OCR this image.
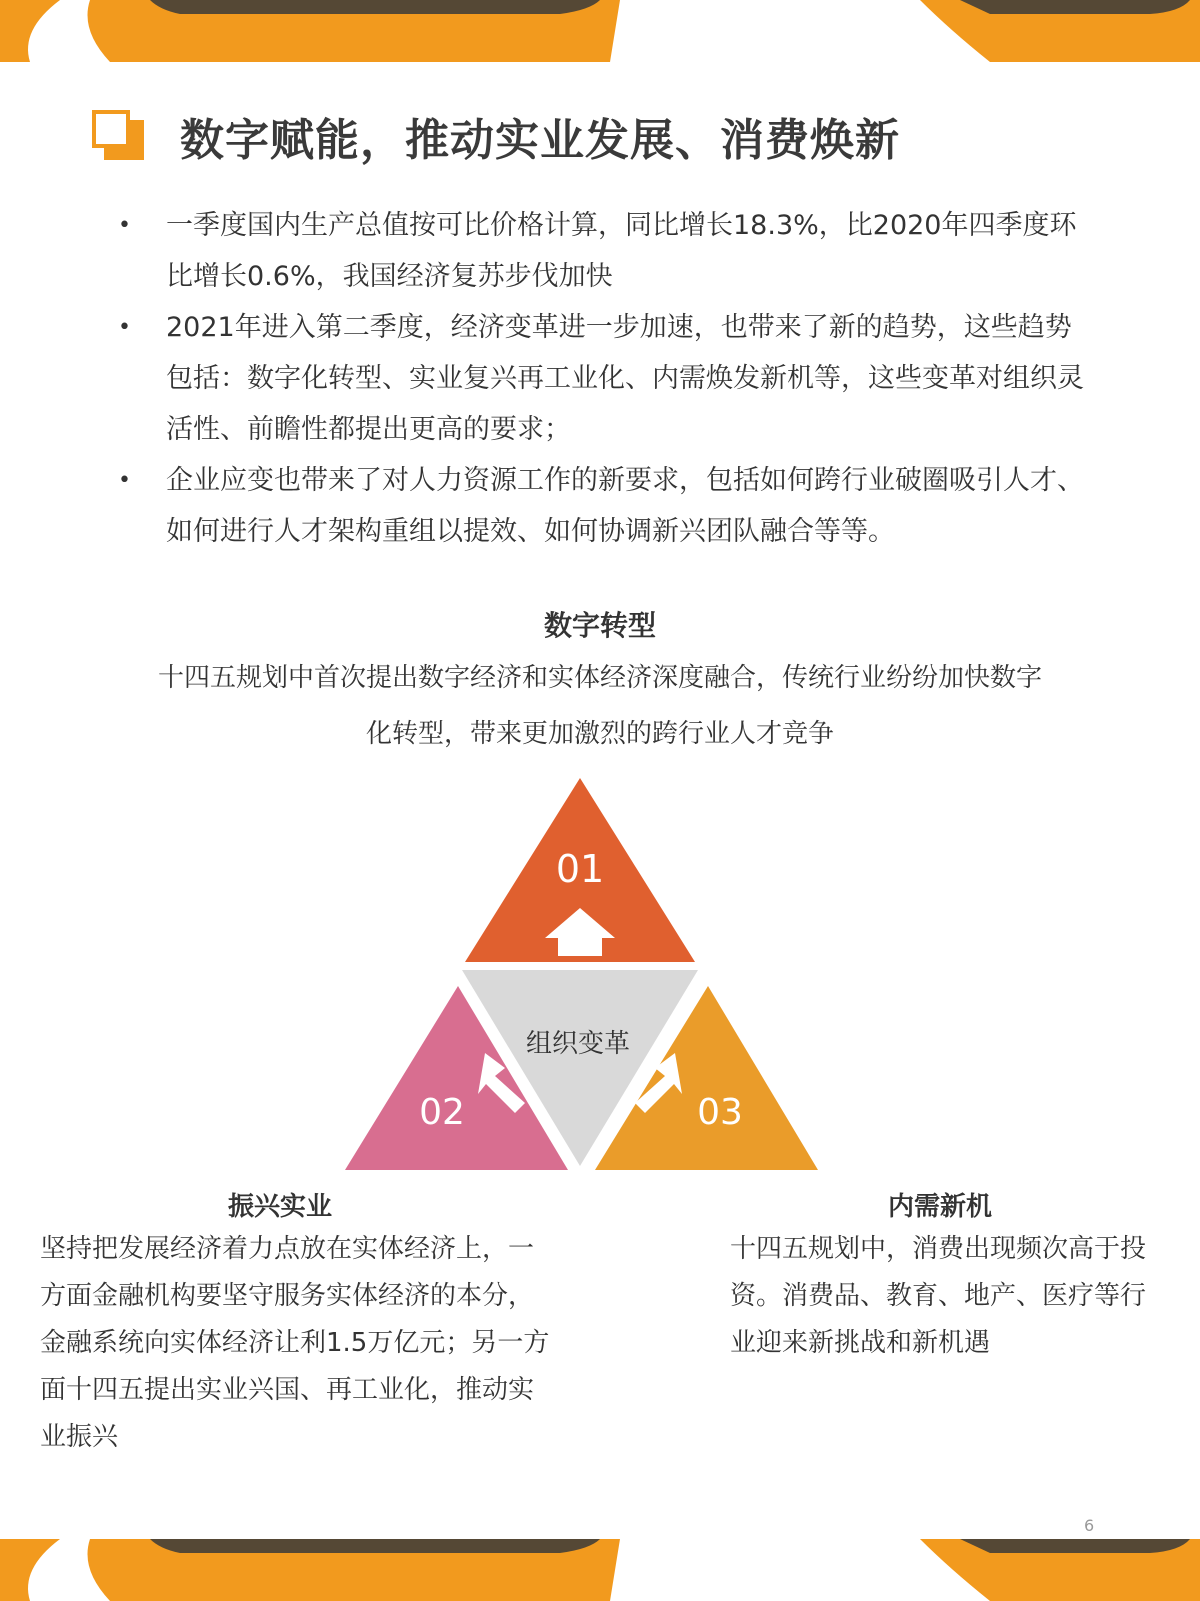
数字赋能，推动实业发展、消费焕新
• 一季度国内生产总值按可比价格计算，同比增长18.3%，比2020年四季度环比增长0.6%，我国经济复苏步伐加快
• 2021年进入第二季度，经济变革进一步加速，也带来了新的趋势，这些趋势包括：数字化转型、实业复兴再工业化、内需焕发新机等，这些变革对组织灵活性、前瞻性都提出更高的要求；
• 企业应变也带来了对人力资源工作的新要求，包括如何跨行业破圈吸引人才、如何进行人才架构重组以提效、如何协调新兴团队融合等等。
数字转型
十四五规划中首次提出数字经济和实体经济深度融合，传统行业纷纷加快数字化转型，带来更加激烈的跨行业人才竞争
01
02	03
组织变革
振兴实业
坚持把发展经济着力点放在实体经济上，一方面金融机构要坚守服务实体经济的本分，金融系统向实体经济让利1.5万亿元；另一方面十四五提出实业兴国、再工业化，推动实业振兴
内需新机
十四五规划中，消费出现频次高于投资。消费品、教育、地产、医疗等行业迎来新挑战和新机遇
6
